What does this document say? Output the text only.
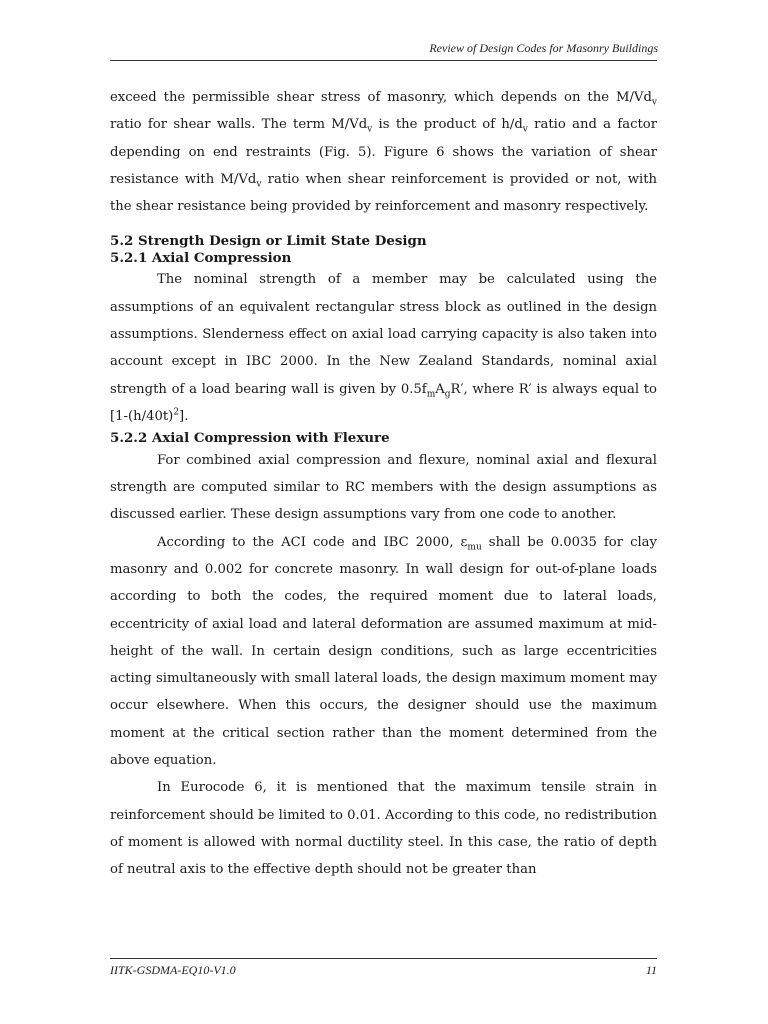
Review of Design Codes for Masonry Buildings

exceed the permissible shear stress of masonry, which depends on the $M/Vd_v$ ratio for shear walls. The term $M/Vd_v$ is the product of $h/d_v$ ratio and a factor depending on end restraints (Fig. 5). Figure 6 shows the variation of shear resistance with $M/Vd_v$ ratio when shear reinforcement is provided or not, with the shear resistance being provided by reinforcement and masonry respectively.

5.2 Strength Design or Limit State Design
5.2.1 Axial Compression

The nominal strength of a member may be calculated using the assumptions of an equivalent rectangular stress block as outlined in the design assumptions. Slenderness effect on axial load carrying capacity is also taken into account except in IBC 2000. In the New Zealand Standards, nominal axial strength of a load bearing wall is given by $0.5f_mA_gR'$, where R′ is always equal to $[1-(h/40t)^2]$.

5.2.2 Axial Compression with Flexure

For combined axial compression and flexure, nominal axial and flexural strength are computed similar to RC members with the design assumptions as discussed earlier. These design assumptions vary from one code to another.

According to the ACI code and IBC 2000, $\varepsilon_{mu}$ shall be 0.0035 for clay masonry and 0.002 for concrete masonry. In wall design for out-of-plane loads according to both the codes, the required moment due to lateral loads, eccentricity of axial load and lateral deformation are assumed maximum at mid-height of the wall. In certain design conditions, such as large eccentricities acting simultaneously with small lateral loads, the design maximum moment may occur elsewhere. When this occurs, the designer should use the maximum moment at the critical section rather than the moment determined from the above equation.

In Eurocode 6, it is mentioned that the maximum tensile strain in reinforcement should be limited to 0.01. According to this code, no redistribution of moment is allowed with normal ductility steel. In this case, the ratio of depth of neutral axis to the effective depth should not be greater than

IITK-GSDMA-EQ10-V1.0	11
